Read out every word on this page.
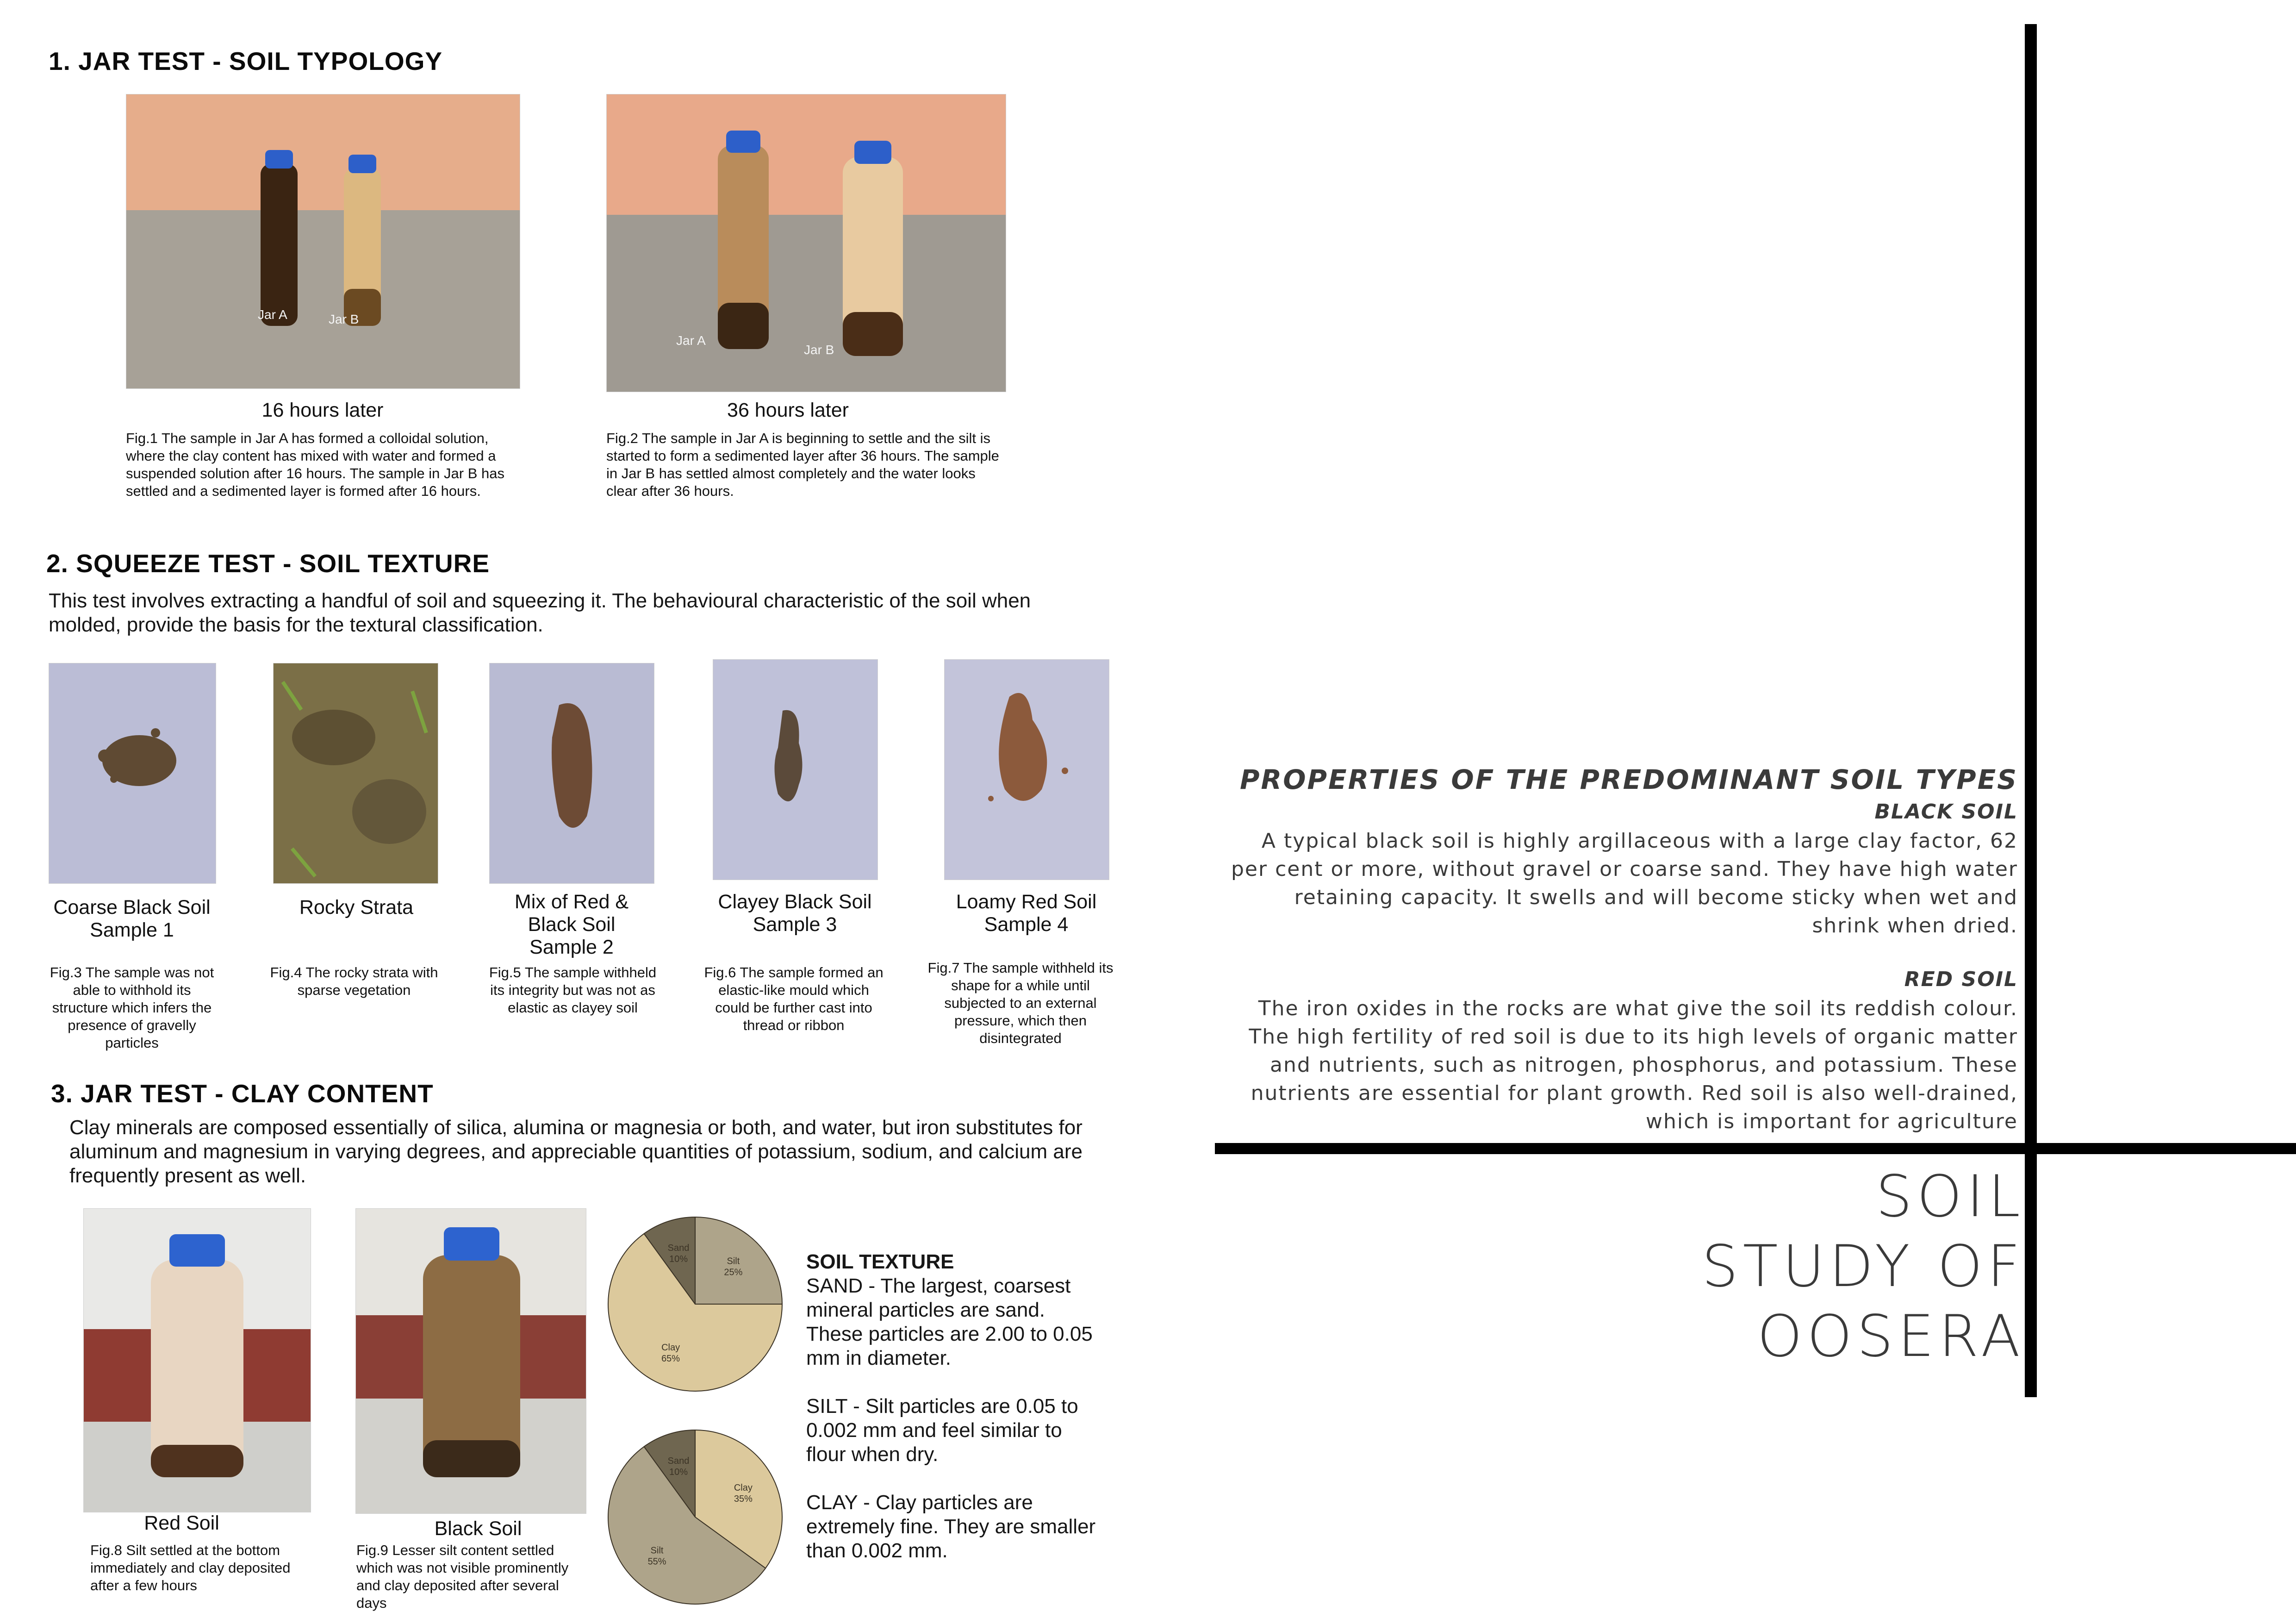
1. JAR TEST - SOIL TYPOLOGY
Jar A	Jar B
16 hours later
Fig.1 The sample in Jar A has formed a colloidal solution, where the clay content has mixed with water and formed a suspended solution after 16 hours. The sample in Jar B has settled and a sedimented layer is formed after 16 hours.
Jar A
Jar B
36 hours later
Fig.2 The sample in Jar A is beginning to settle and the silt is started to form a sedimented layer after 36 hours. The sample in Jar B has settled almost completely and the water looks clear after 36 hours.
2. SQUEEZE TEST - SOIL TEXTURE
This test involves extracting a handful of soil and squeezing it. The behavioural characteristic of the soil when molded, provide the basis for the textural classification.
Coarse Black Soil Sample 1
Fig.3 The sample was not able to withhold its structure which infers the presence of gravelly particles
Rocky Strata
Fig.4 The rocky strata with sparse vegetation
Mix of Red & Black Soil Sample 2
Fig.5 The sample withheld its integrity but was not as elastic as clayey soil
Clayey Black Soil Sample 3
Fig.6 The sample formed an elastic-like mould which could be further cast into thread or ribbon
Loamy Red Soil Sample 4
Fig.7 The sample withheld its shape for a while until subjected to an external pressure, which then disintegrated
3. JAR TEST - CLAY CONTENT
Clay minerals are composed essentially of silica, alumina or magnesia or both, and water, but iron substitutes for aluminum and magnesium in varying degrees, and appreciable quantities of potassium, sodium, and calcium are frequently present as well.
Red Soil
Fig.8 Silt settled at the bottom immediately and clay deposited after a few hours
Black Soil
Fig.9 Lesser silt content settled which was not visible prominently and clay deposited after several days
Sand
10%	Silt
25%
Clay
65%
Sand
10%
Clay
35%
Silt
55%
SOIL TEXTURE
SAND - The largest, coarsest mineral particles are sand. These particles are 2.00 to 0.05 mm in diameter.
SILT - Silt particles are 0.05 to 0.002 mm and feel similar to flour when dry.
CLAY - Clay particles are extremely fine. They are smaller than 0.002 mm.
PROPERTIES OF THE PREDOMINANT SOIL TYPES
BLACK SOIL
A typical black soil is highly argillaceous with a large clay factor, 62
per cent or more, without gravel or coarse sand. They have high water
retaining capacity. It swells and will become sticky when wet and
shrink when dried.
RED SOIL
The iron oxides in the rocks are what give the soil its reddish colour.
The high fertility of red soil is due to its high levels of organic matter
and nutrients, such as nitrogen, phosphorus, and potassium. These
nutrients are essential for plant growth. Red soil is also well-drained,
which is important for agriculture
SOIL
STUDY OF
OOSERA
